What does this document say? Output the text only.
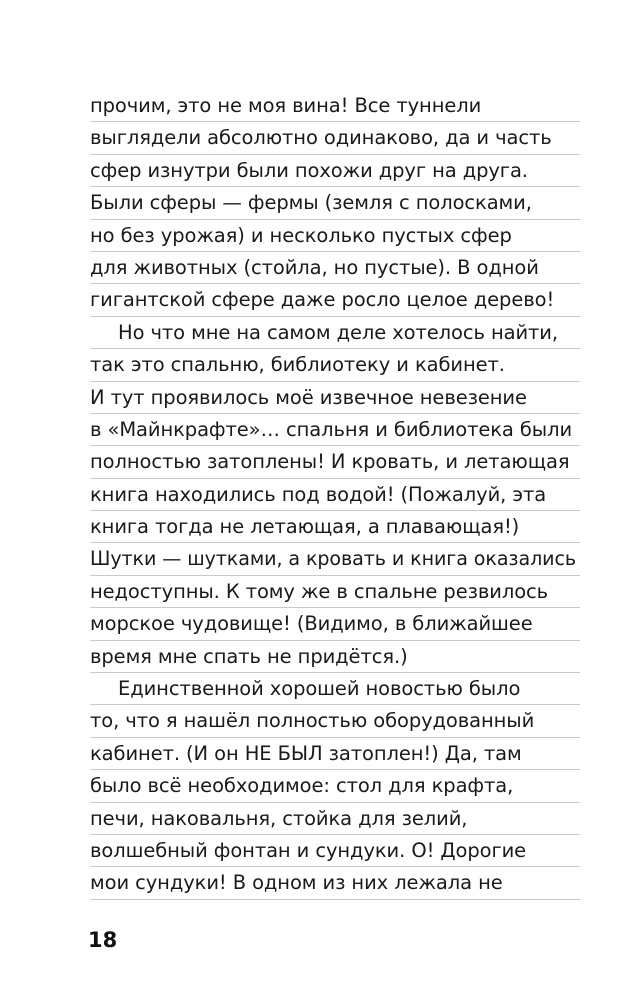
прочим, это не моя вина! Все туннели
выглядели абсолютно одинаково, да и часть
сфер изнутри были похожи друг на друга.
Были сферы — фермы (земля с полосками,
но без урожая) и несколько пустых сфер
для животных (стойла, но пустые). В одной
гигантской сфере даже росло целое дерево!
Но что мне на самом деле хотелось найти,
так это спальню, библиотеку и кабинет.
И тут проявилось моё извечное невезение
в «Майнкрафте»… спальня и библиотека были
полностью затоплены! И кровать, и летающая
книга находились под водой! (Пожалуй, эта
книга тогда не летающая, а плавающая!)
Шутки — шутками, а кровать и книга оказались
недоступны. К тому же в спальне резвилось
морское чудовище! (Видимо, в ближайшее
время мне спать не придётся.)
Единственной хорошей новостью было
то, что я нашёл полностью оборудованный
кабинет. (И он НЕ БЫЛ затоплен!) Да, там
было всё необходимое: стол для крафта,
печи, наковальня, стойка для зелий,
волшебный фонтан и сундуки. О! Дорогие
мои сундуки! В одном из них лежала не
18
